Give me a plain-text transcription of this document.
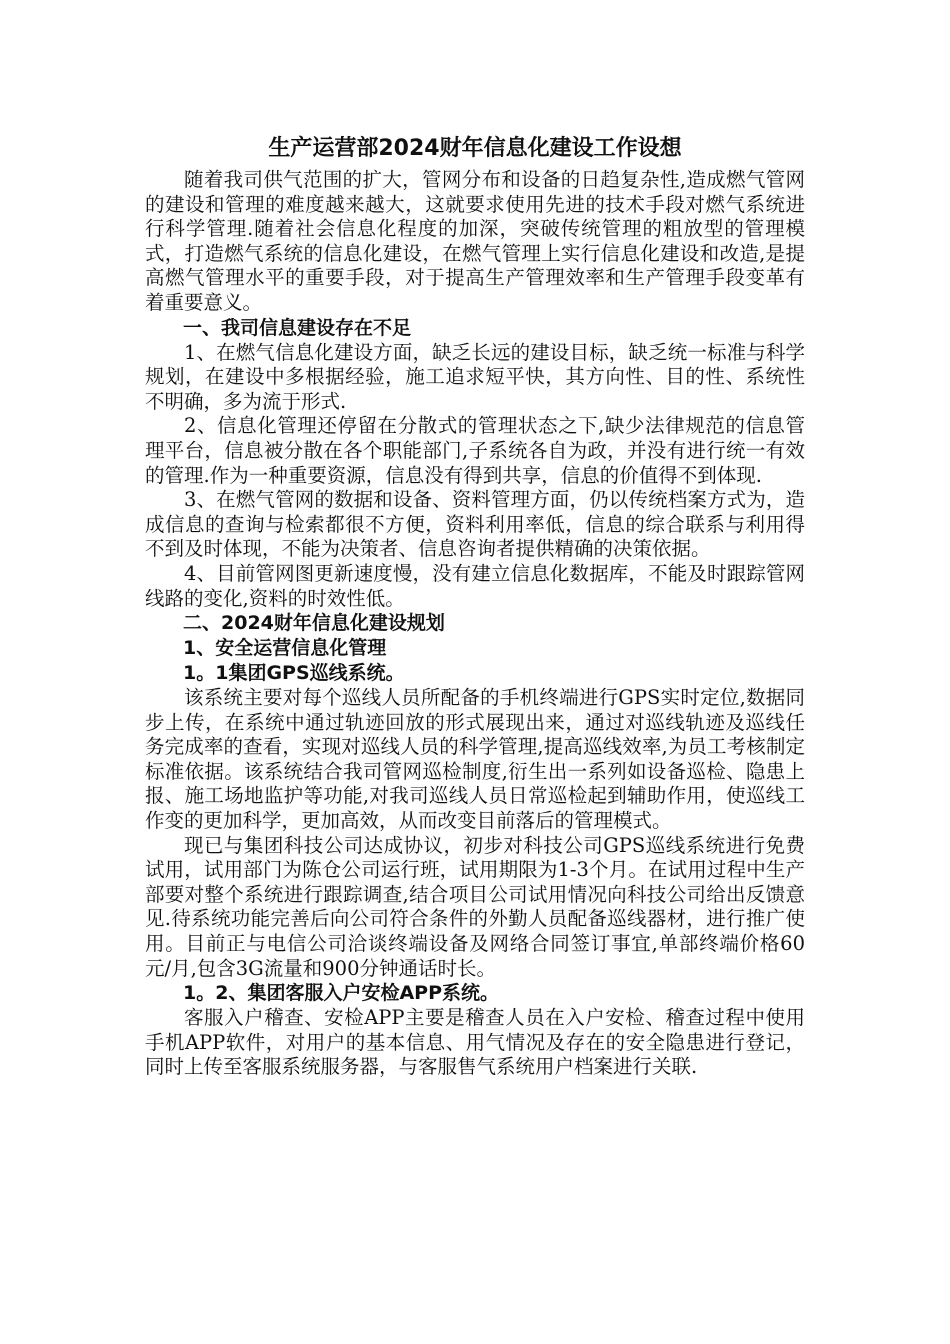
生产运营部2024财年信息化建设工作设想

随着我司供气范围的扩大，管网分布和设备的日趋复杂性,造成燃气管网的建设和管理的难度越来越大，这就要求使用先进的技术手段对燃气系统进行科学管理.随着社会信息化程度的加深，突破传统管理的粗放型的管理模式，打造燃气系统的信息化建设，在燃气管理上实行信息化建设和改造,是提高燃气管理水平的重要手段，对于提高生产管理效率和生产管理手段变革有着重要意义。

一、我司信息建设存在不足

1、在燃气信息化建设方面，缺乏长远的建设目标，缺乏统一标准与科学规划，在建设中多根据经验，施工追求短平快，其方向性、目的性、系统性不明确，多为流于形式.

2、信息化管理还停留在分散式的管理状态之下,缺少法律规范的信息管理平台，信息被分散在各个职能部门,子系统各自为政，并没有进行统一有效的管理.作为一种重要资源，信息没有得到共享，信息的价值得不到体现.

3、在燃气管网的数据和设备、资料管理方面，仍以传统档案方式为，造成信息的查询与检索都很不方便，资料利用率低，信息的综合联系与利用得不到及时体现，不能为决策者、信息咨询者提供精确的决策依据。

4、目前管网图更新速度慢，没有建立信息化数据库，不能及时跟踪管网线路的变化,资料的时效性低。

二、2024财年信息化建设规划

1、安全运营信息化管理

1。1集团GPS巡线系统。

该系统主要对每个巡线人员所配备的手机终端进行GPS实时定位,数据同步上传，在系统中通过轨迹回放的形式展现出来，通过对巡线轨迹及巡线任务完成率的查看，实现对巡线人员的科学管理,提高巡线效率,为员工考核制定标准依据。该系统结合我司管网巡检制度,衍生出一系列如设备巡检、隐患上报、施工场地监护等功能,对我司巡线人员日常巡检起到辅助作用，使巡线工作变的更加科学，更加高效，从而改变目前落后的管理模式。

现已与集团科技公司达成协议，初步对科技公司GPS巡线系统进行免费试用，试用部门为陈仓公司运行班，试用期限为1-3个月。在试用过程中生产部要对整个系统进行跟踪调查,结合项目公司试用情况向科技公司给出反馈意见.待系统功能完善后向公司符合条件的外勤人员配备巡线器材，进行推广使用。目前正与电信公司洽谈终端设备及网络合同签订事宜,单部终端价格60元/月,包含3G流量和900分钟通话时长。

1。2、集团客服入户安检APP系统。

客服入户稽查、安检APP主要是稽查人员在入户安检、稽查过程中使用手机APP软件，对用户的基本信息、用气情况及存在的安全隐患进行登记，同时上传至客服系统服务器，与客服售气系统用户档案进行关联.
